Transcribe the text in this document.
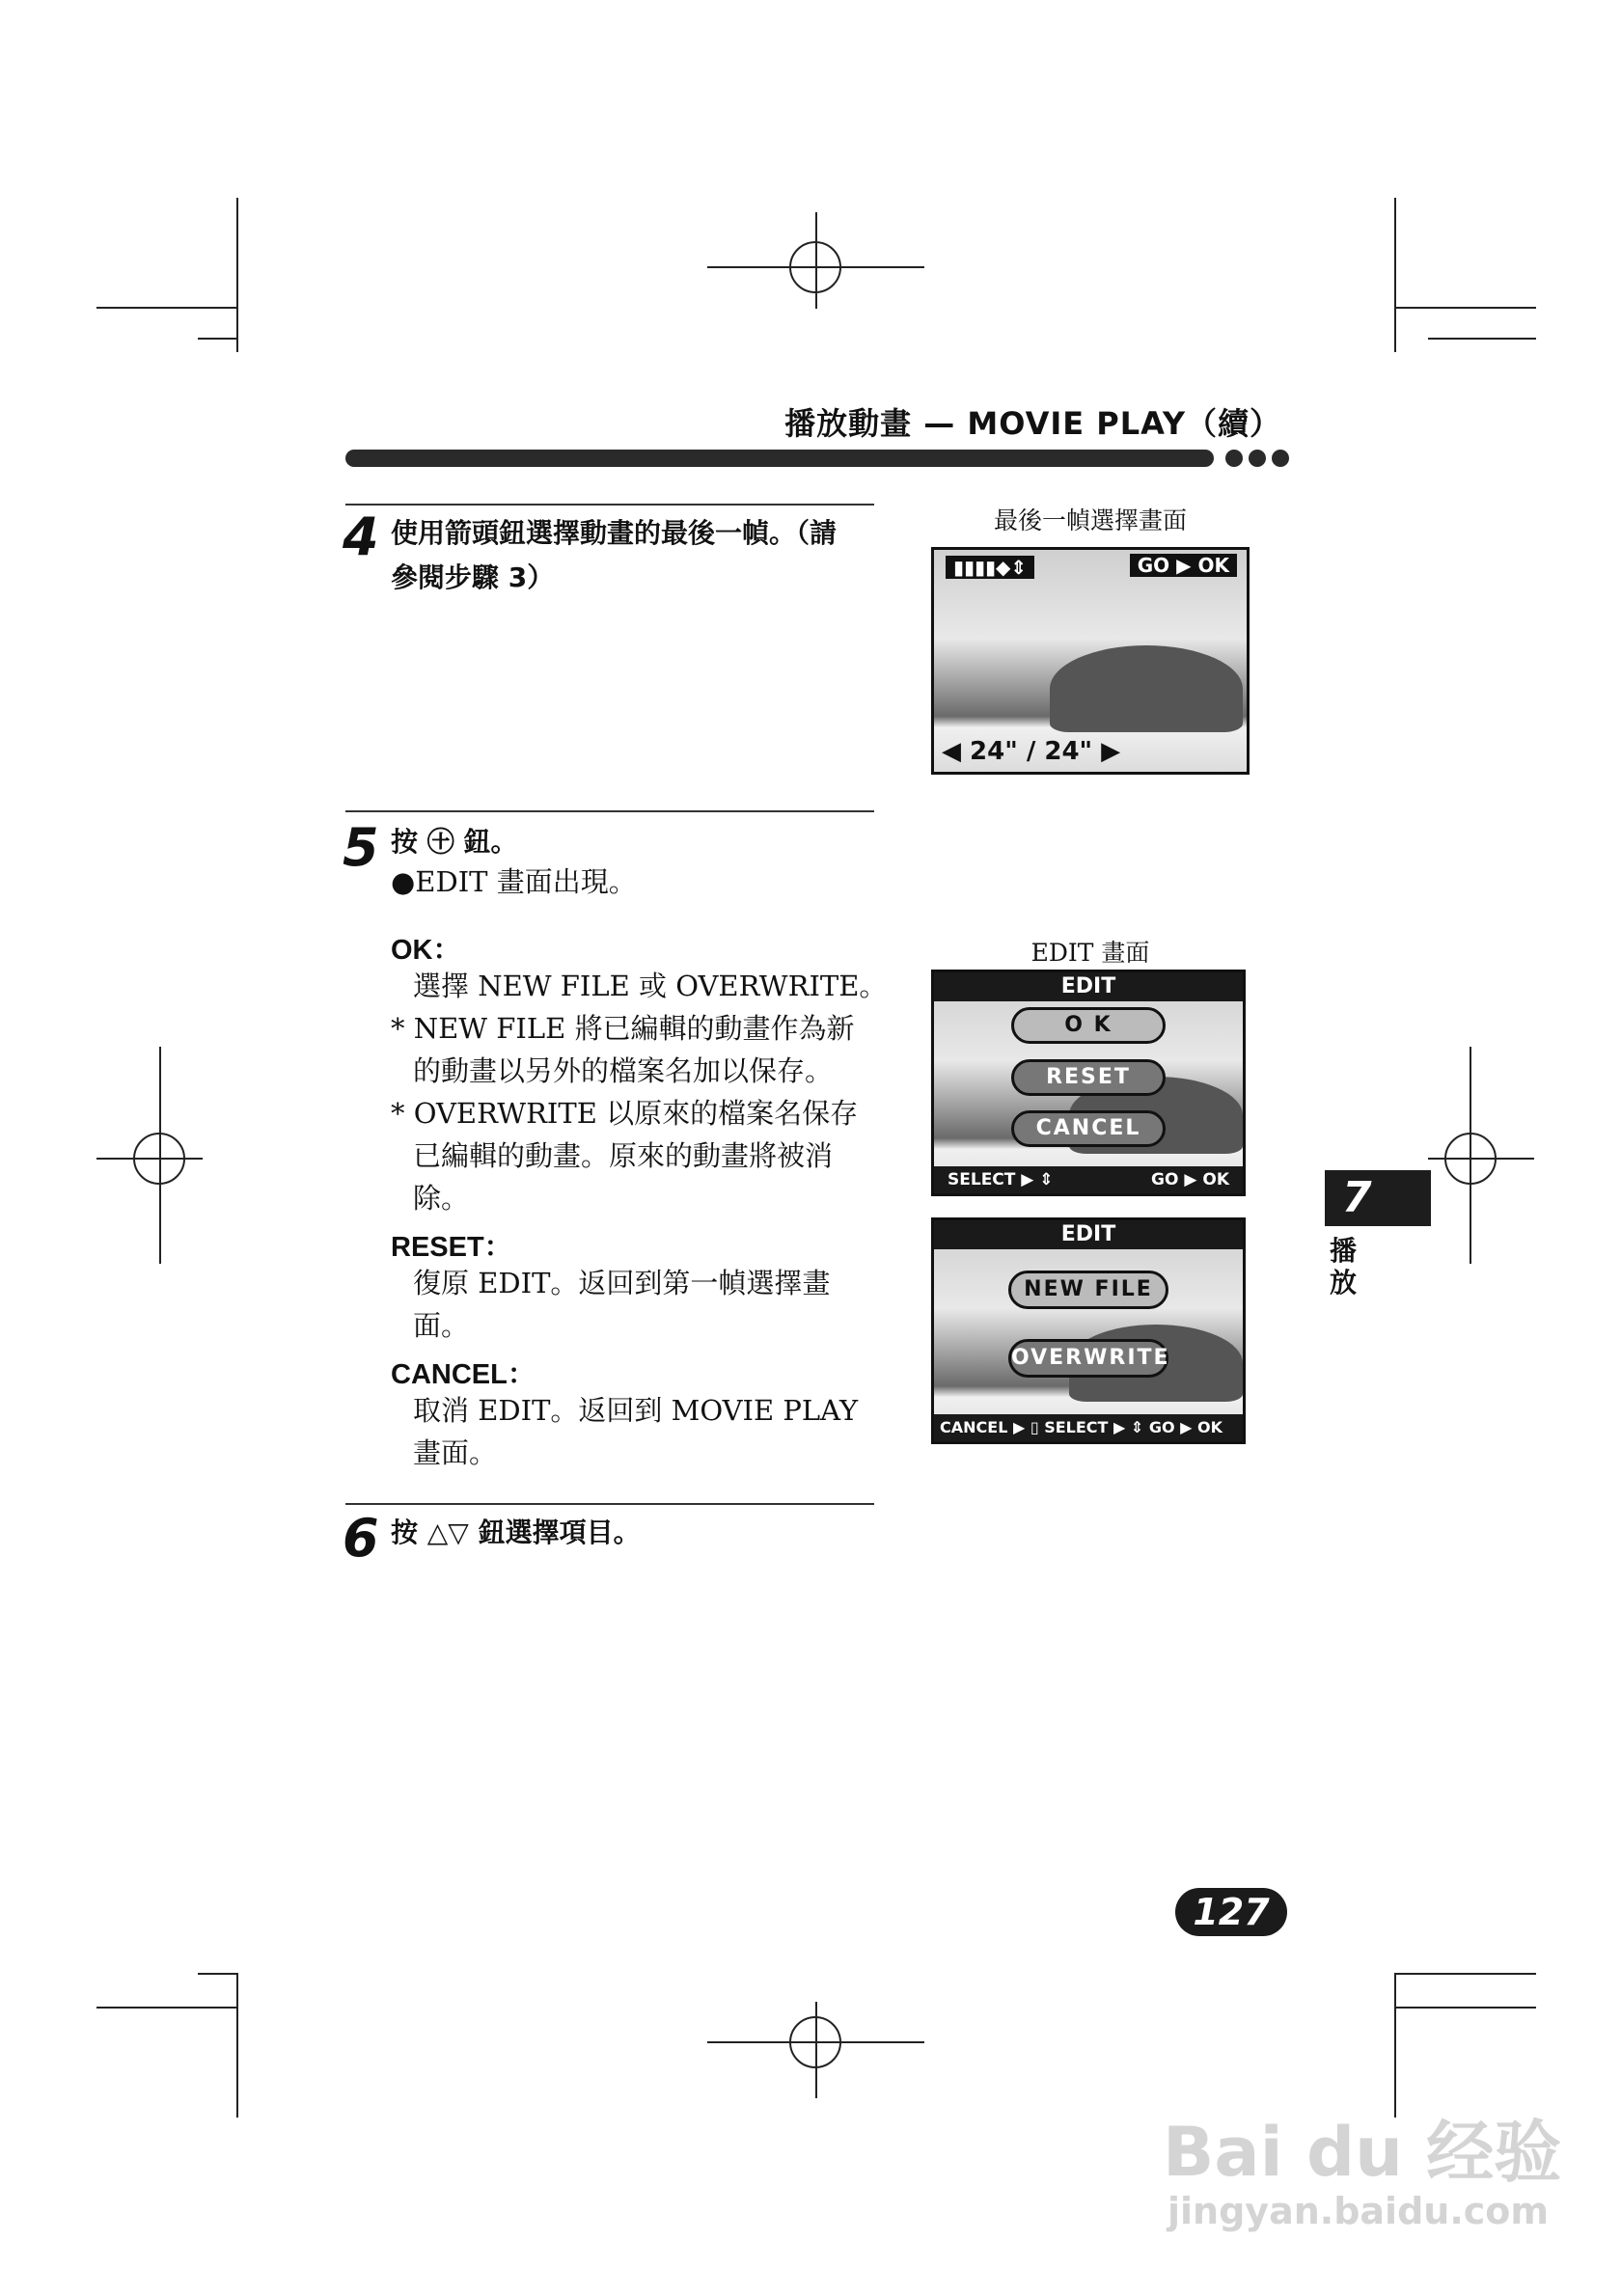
播放動畫 — MOVIE PLAY（續）
4 使用箭頭鈕選擇動畫的最後一幀。（請
參閱步驟 3）
最後一幀選擇畫面
▮▮▮▮◆⇕	GO ▶ OK
◀ 24" / 24" ▶
5 按 ㊉ 鈕。
●EDIT 畫面出現。
OK：
選擇 NEW FILE 或 OVERWRITE。
* NEW FILE 將已編輯的動畫作為新
的動畫以另外的檔案名加以保存。
* OVERWRITE 以原來的檔案名保存
已編輯的動畫。原來的動畫將被消
除。
RESET：
復原 EDIT。返回到第一幀選擇畫
面。
CANCEL：
取消 EDIT。返回到 MOVIE PLAY
畫面。
EDIT 畫面
EDIT
O K
RESET
CANCEL
SELECT ▶ ⇕	GO ▶ OK
EDIT
NEW FILE
OVERWRITE
CANCEL ▶ ▯ SELECT ▶ ⇕ GO ▶ OK
6 按 △▽ 鈕選擇項目。
7
播
放
127
Bai du 经验
jingyan.baidu.com
